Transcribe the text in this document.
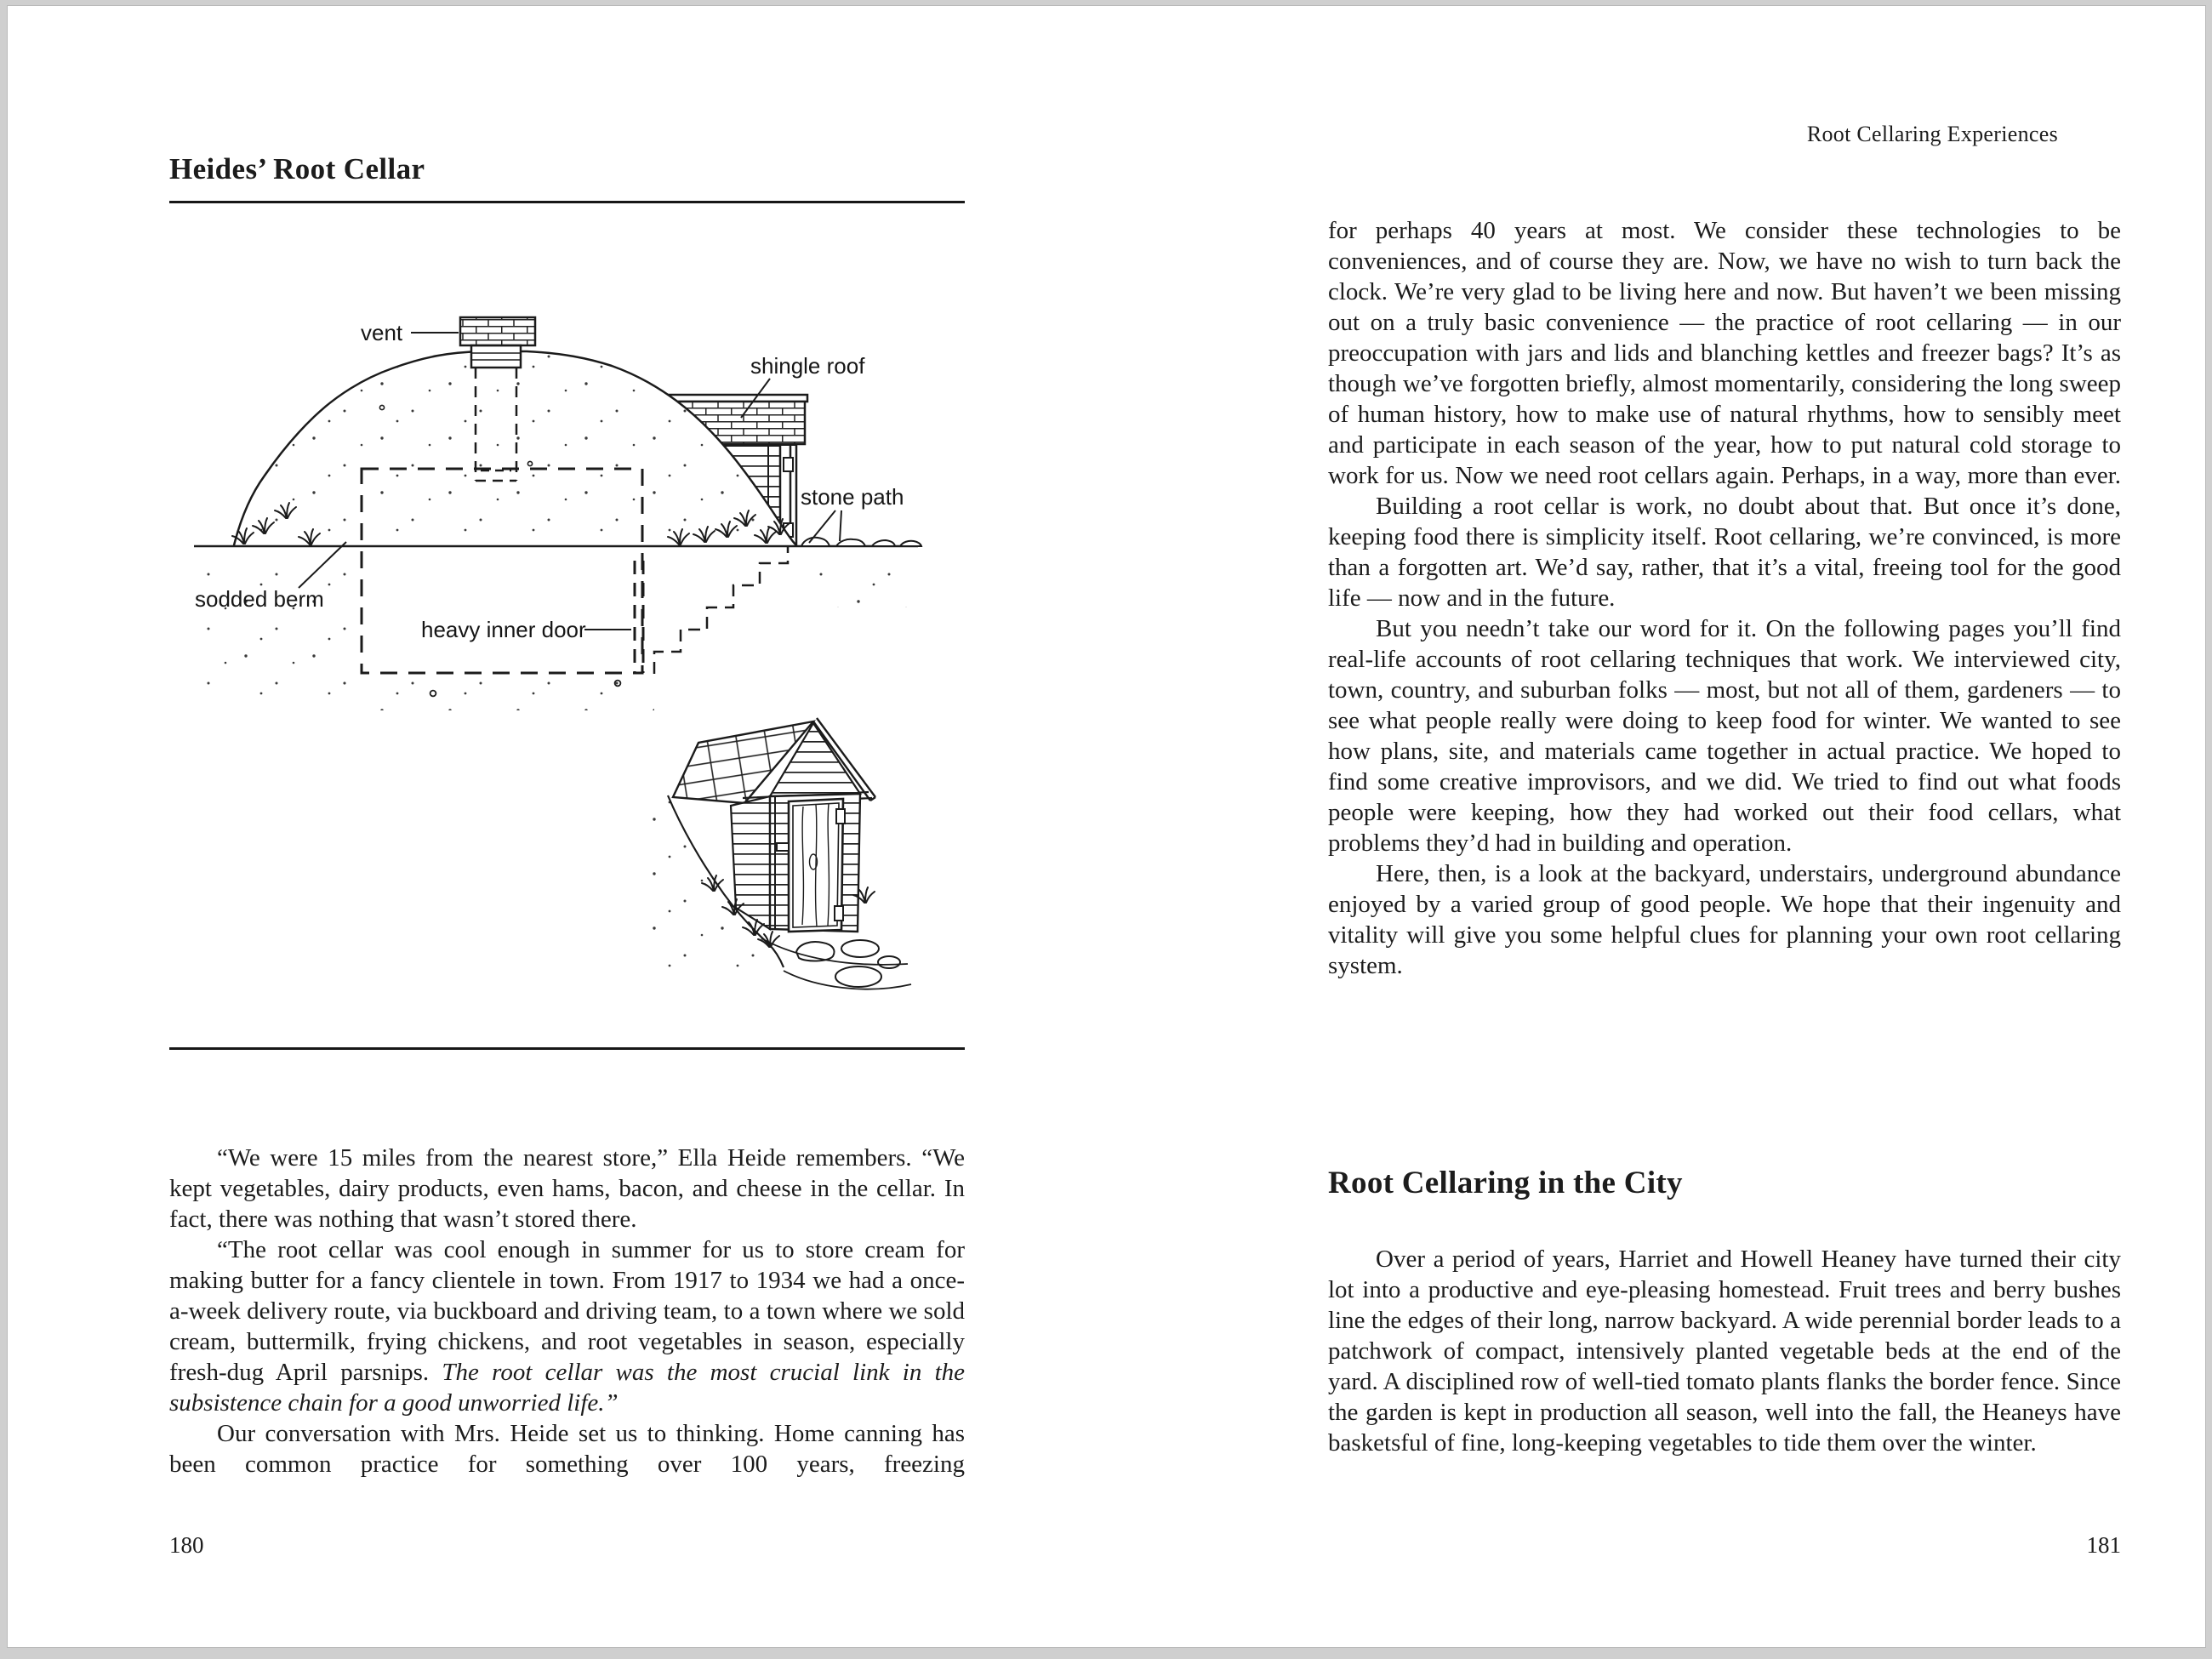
Heides’ Root Cellar
vent
shingle roof
stone path
sodded berm
heavy inner door

“We were 15 miles from the nearest store,” Ella Heide remembers. “We kept vegetables, dairy products, even hams, bacon, and cheese in the cellar. In fact, there was nothing that wasn’t stored there.

“The root cellar was cool enough in summer for us to store cream for making butter for a fancy clientele in town. From 1917 to 1934 we had a once-a-week delivery route, via buckboard and driving team, to a town where we sold cream, buttermilk, frying chickens, and root vegetables in season, especially fresh-dug April parsnips. The root cellar was the most crucial link in the subsistence chain for a good unworried life.”

Our conversation with Mrs. Heide set us to thinking. Home canning has been common practice for something over 100 years, freezing

180
Root Cellaring Experiences

for perhaps 40 years at most. We consider these technologies to be conveniences, and of course they are. Now, we have no wish to turn back the clock. We’re very glad to be living here and now. But haven’t we been missing out on a truly basic convenience — the practice of root cellaring — in our preoccupation with jars and lids and blanching kettles and freezer bags? It’s as though we’ve forgotten briefly, almost momentarily, considering the long sweep of human history, how to make use of natural rhythms, how to sensibly meet and participate in each season of the year, how to put natural cold storage to work for us. Now we need root cellars again. Perhaps, in a way, more than ever.

Building a root cellar is work, no doubt about that. But once it’s done, keeping food there is simplicity itself. Root cellaring, we’re convinced, is more than a forgotten art. We’d say, rather, that it’s a vital, freeing tool for the good life — now and in the future.

But you needn’t take our word for it. On the following pages you’ll find real-life accounts of root cellaring techniques that work. We interviewed city, town, country, and suburban folks — most, but not all of them, gardeners — to see what people really were doing to keep food for winter. We wanted to see how plans, site, and materials came together in actual practice. We hoped to find some creative improvisors, and we did. We tried to find out what foods people were keeping, how they had worked out their food cellars, what problems they’d had in building and operation.

Here, then, is a look at the backyard, understairs, underground abundance enjoyed by a varied group of good people. We hope that their ingenuity and vitality will give you some helpful clues for planning your own root cellaring system.

Root Cellaring in the City

Over a period of years, Harriet and Howell Heaney have turned their city lot into a productive and eye-pleasing homestead. Fruit trees and berry bushes line the edges of their long, narrow backyard. A wide perennial border leads to a patchwork of compact, intensively planted vegetable beds at the end of the yard. A disciplined row of well-tied tomato plants flanks the border fence. Since the garden is kept in production all season, well into the fall, the Heaneys have basketsful of fine, long-keeping vegetables to tide them over the winter.

181
